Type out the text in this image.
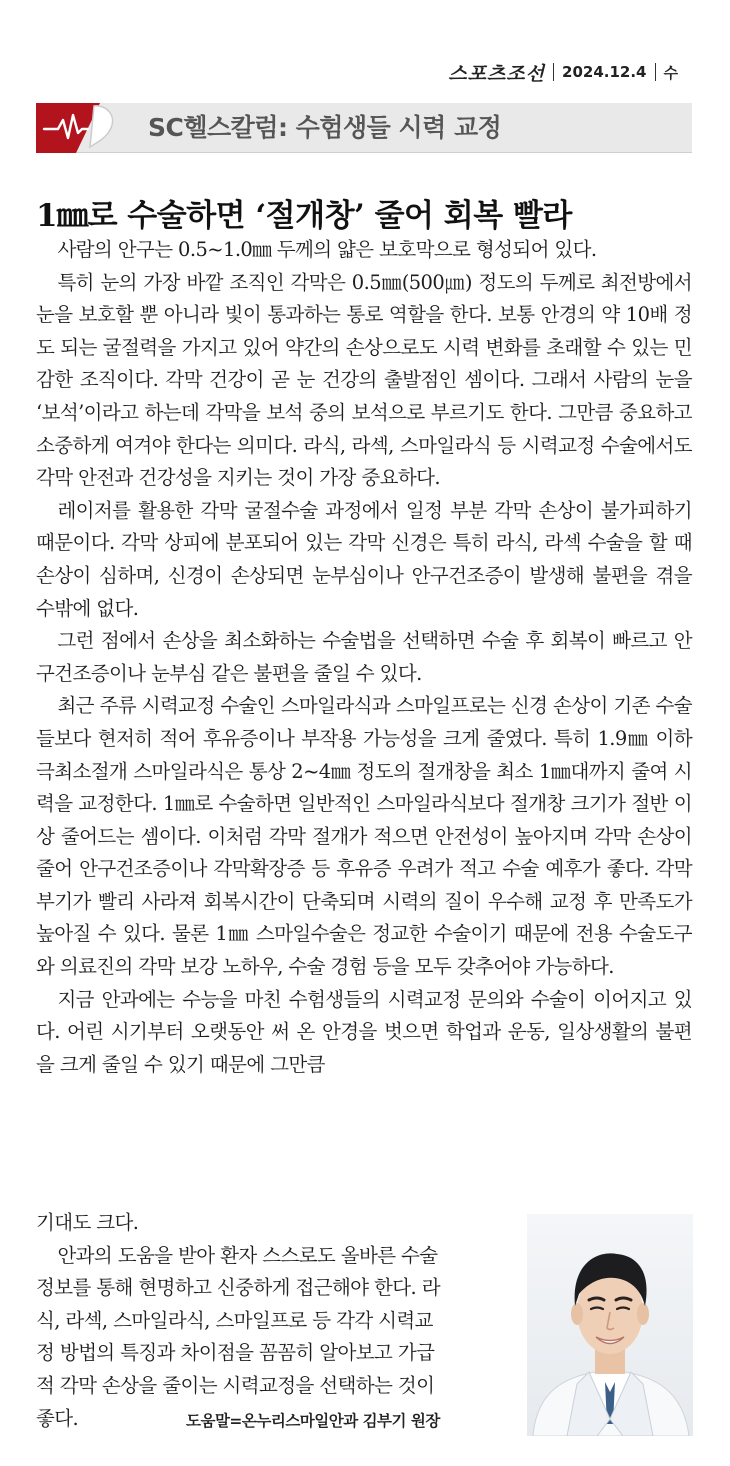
스포츠조선 2024.12.4 수
SC헬스칼럼: 수험생들 시력 교정
1㎜로 수술하면 ‘절개창’ 줄어 회복 빨라

사람의 안구는 0.5~1.0㎜ 두께의 얇은 보호막으로 형성되어 있다.

특히 눈의 가장 바깥 조직인 각막은 0.5㎜(500㎛) 정도의 두께로 최전방에서 눈을 보호할 뿐 아니라 빛이 통과하는 통로 역할을 한다. 보통 안경의 약 10배 정도 되는 굴절력을 가지고 있어 약간의 손상으로도 시력 변화를 초래할 수 있는 민감한 조직이다. 각막 건강이 곧 눈 건강의 출발점인 셈이다. 그래서 사람의 눈을 ‘보석’이라고 하는데 각막을 보석 중의 보석으로 부르기도 한다. 그만큼 중요하고 소중하게 여겨야 한다는 의미다. 라식, 라섹, 스마일라식 등 시력교정 수술에서도 각막 안전과 건강성을 지키는 것이 가장 중요하다.

레이저를 활용한 각막 굴절수술 과정에서 일정 부분 각막 손상이 불가피하기 때문이다. 각막 상피에 분포되어 있는 각막 신경은 특히 라식, 라섹 수술을 할 때 손상이 심하며, 신경이 손상되면 눈부심이나 안구건조증이 발생해 불편을 겪을 수밖에 없다.

그런 점에서 손상을 최소화하는 수술법을 선택하면 수술 후 회복이 빠르고 안구건조증이나 눈부심 같은 불편을 줄일 수 있다.

최근 주류 시력교정 수술인 스마일라식과 스마일프로는 신경 손상이 기존 수술들보다 현저히 적어 후유증이나 부작용 가능성을 크게 줄였다. 특히 1.9㎜ 이하 극최소절개 스마일라식은 통상 2~4㎜ 정도의 절개창을 최소 1㎜대까지 줄여 시력을 교정한다. 1㎜로 수술하면 일반적인 스마일라식보다 절개창 크기가 절반 이상 줄어드는 셈이다. 이처럼 각막 절개가 적으면 안전성이 높아지며 각막 손상이 줄어 안구건조증이나 각막확장증 등 후유증 우려가 적고 수술 예후가 좋다. 각막 부기가 빨리 사라져 회복시간이 단축되며 시력의 질이 우수해 교정 후 만족도가 높아질 수 있다. 물론 1㎜ 스마일수술은 정교한 수술이기 때문에 전용 수술도구와 의료진의 각막 보강 노하우, 수술 경험 등을 모두 갖추어야 가능하다.

지금 안과에는 수능을 마친 수험생들의 시력교정 문의와 수술이 이어지고 있다. 어린 시기부터 오랫동안 써 온 안경을 벗으면 학업과 운동, 일상생활의 불편을 크게 줄일 수 있기 때문에 그만큼

기대도 크다.
안과의 도움을 받아 환자 스스로도 올바른 수술
정보를 통해 현명하고 신중하게 접근해야 한다. 라
식, 라섹, 스마일라식, 스마일프로 등 각각 시력교
정 방법의 특징과 차이점을 꼼꼼히 알아보고 가급
적 각막 손상을 줄이는 시력교정을 선택하는 것이
좋다.	도움말=온누리스마일안과 김부기 원장
